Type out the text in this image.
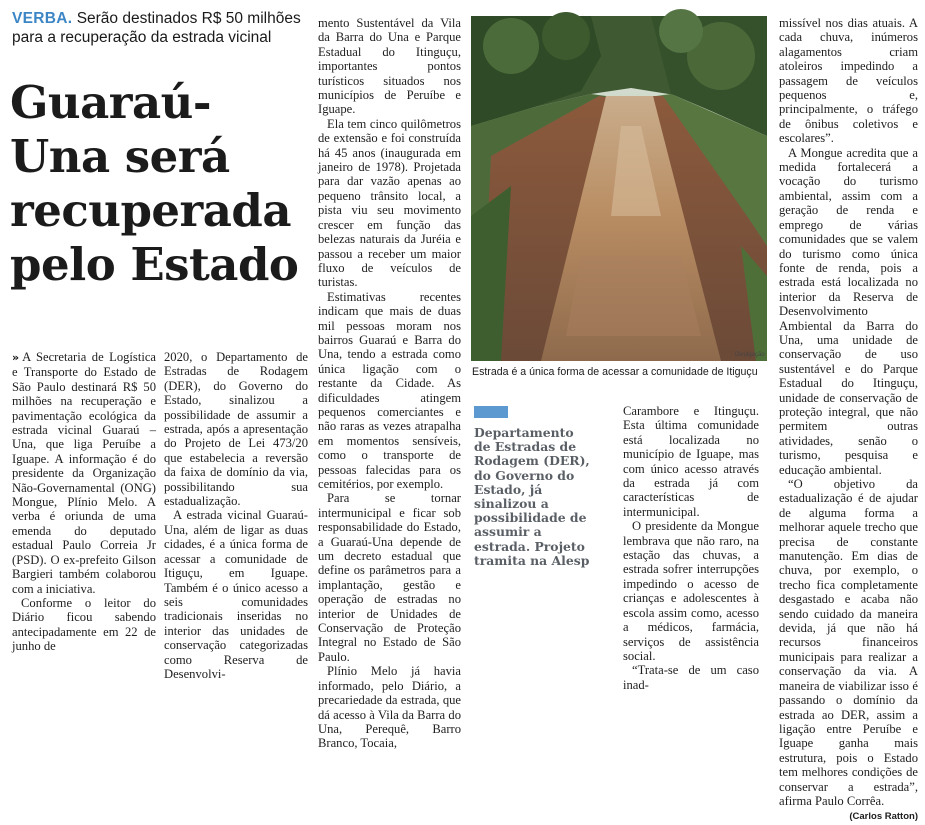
VERBA. Serão destinados R$ 50 milhões para a recuperação da estrada vicinal
Guaraú-Una será recuperada pelo Estado

» A Secretaria de Logística e Transporte do Estado de São Paulo destinará R$ 50 milhões na recuperação e pavimentação ecológica da estrada vicinal Guaraú – Una, que liga Peruíbe a Iguape. A informação é do presidente da Organização Não-Governamental (ONG) Mongue, Plínio Melo. A verba é oriunda de uma emenda do deputado estadual Paulo Correia Jr (PSD). O ex-prefeito Gilson Bargieri também colaborou com a iniciativa.

Conforme o leitor do Diário ficou sabendo antecipadamente em 22 de junho de

2020, o Departamento de Estradas de Rodagem (DER), do Governo do Estado, sinalizou a possibilidade de assumir a estrada, após a apresentação do Projeto de Lei 473/20 que estabelecia a reversão da faixa de domínio da via, possibilitando sua estadualização.

A estrada vicinal Guaraú-Una, além de ligar as duas cidades, é a única forma de acessar a comunidade de Itiguçu, em Iguape. Também é o único acesso a seis comunidades tradicionais inseridas no interior das unidades de conservação categorizadas como Reserva de Desenvolvi-

mento Sustentável da Vila da Barra do Una e Parque Estadual do Itinguçu, importantes pontos turísticos situados nos municípios de Peruíbe e Iguape.

Ela tem cinco quilômetros de extensão e foi construída há 45 anos (inaugurada em janeiro de 1978). Projetada para dar vazão apenas ao pequeno trânsito local, a pista viu seu movimento crescer em função das belezas naturais da Juréia e passou a receber um maior fluxo de veículos de turistas.

Estimativas recentes indicam que mais de duas mil pessoas moram nos bairros Guaraú e Barra do Una, tendo a estrada como única ligação com o restante da Cidade. As dificuldades atingem pequenos comerciantes e não raras as vezes atrapalha em momentos sensíveis, como o transporte de pessoas falecidas para os cemitérios, por exemplo.

Para se tornar intermunicipal e ficar sob responsabilidade do Estado, a Guaraú-Una depende de um decreto estadual que define os parâmetros para a implantação, gestão e operação de estradas no interior de Unidades de Conservação de Proteção Integral no Estado de São Paulo.

Plínio Melo já havia informado, pelo Diário, a precariedade da estrada, que dá acesso à Vila da Barra do Una, Perequê, Barro Branco, Tocaia,

Divulgação
Estrada é a única forma de acessar a comunidade de Itiguçu
Departamento de Estradas de Rodagem (DER), do Governo do Estado, já sinalizou a possibilidade de assumir a estrada. Projeto tramita na Alesp

Carambore e Itinguçu. Esta última comunidade está localizada no município de Iguape, mas com único acesso através da estrada já com características de intermunicipal.

O presidente da Mongue lembrava que não raro, na estação das chuvas, a estrada sofrer interrupções impedindo o acesso de crianças e adolescentes à escola assim como, acesso a médicos, farmácia, serviços de assistência social.

“Trata-se de um caso inad-

missível nos dias atuais. A cada chuva, inúmeros alagamentos criam atoleiros impedindo a passagem de veículos pequenos e, principalmente, o tráfego de ônibus coletivos e escolares”.

A Mongue acredita que a medida fortalecerá a vocação do turismo ambiental, assim com a geração de renda e emprego de várias comunidades que se valem do turismo como única fonte de renda, pois a estrada está localizada no interior da Reserva de Desenvolvimento Ambiental da Barra do Una, uma unidade de conservação de uso sustentável e do Parque Estadual do Itinguçu, unidade de conservação de proteção integral, que não permitem outras atividades, senão o turismo, pesquisa e educação ambiental.

“O objetivo da estadualização é de ajudar de alguma forma a melhorar aquele trecho que precisa de constante manutenção. Em dias de chuva, por exemplo, o trecho fica completamente desgastado e acaba não sendo cuidado da maneira devida, já que não há recursos financeiros municipais para realizar a conservação da via. A maneira de viabilizar isso é passando o domínio da estrada ao DER, assim a ligação entre Peruíbe e Iguape ganha mais estrutura, pois o Estado tem melhores condições de conservar a estrada”, afirma Paulo Corrêa.

(Carlos Ratton)
